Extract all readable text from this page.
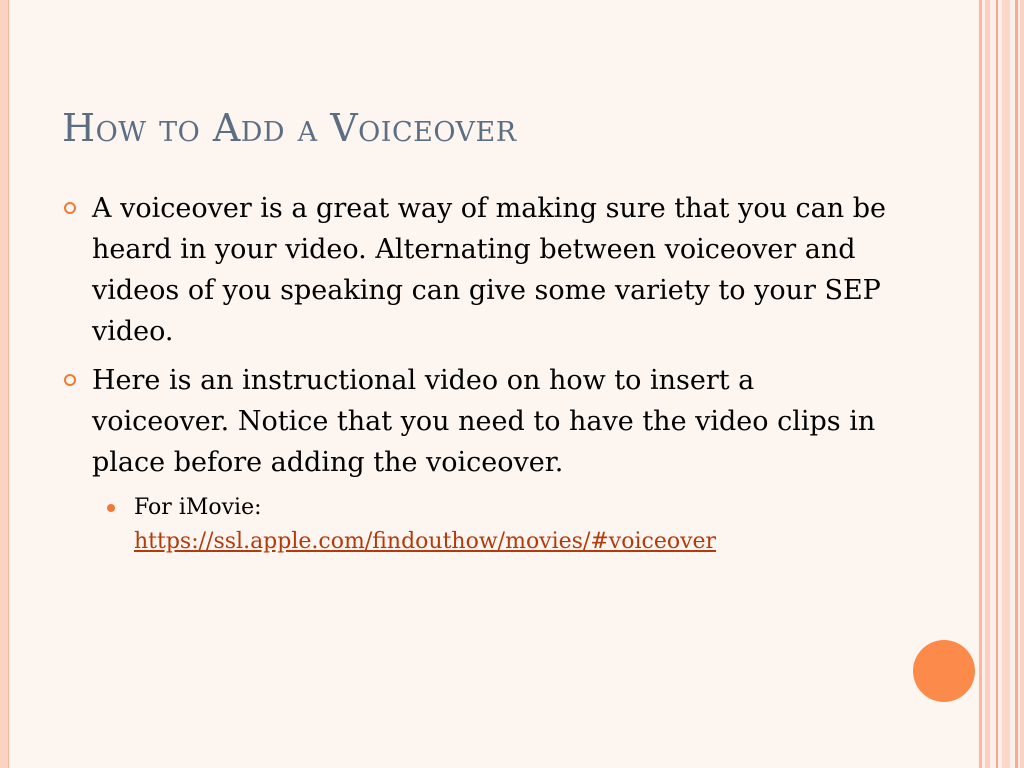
How to Add a Voiceover
A voiceover is a great way of making sure that you can be heard in your video. Alternating between voiceover and videos of you speaking can give some variety to your SEP video.
Here is an instructional video on how to insert a voiceover. Notice that you need to have the video clips in place before adding the voiceover.
For iMovie:
https://ssl.apple.com/findouthow/movies/#voiceover
